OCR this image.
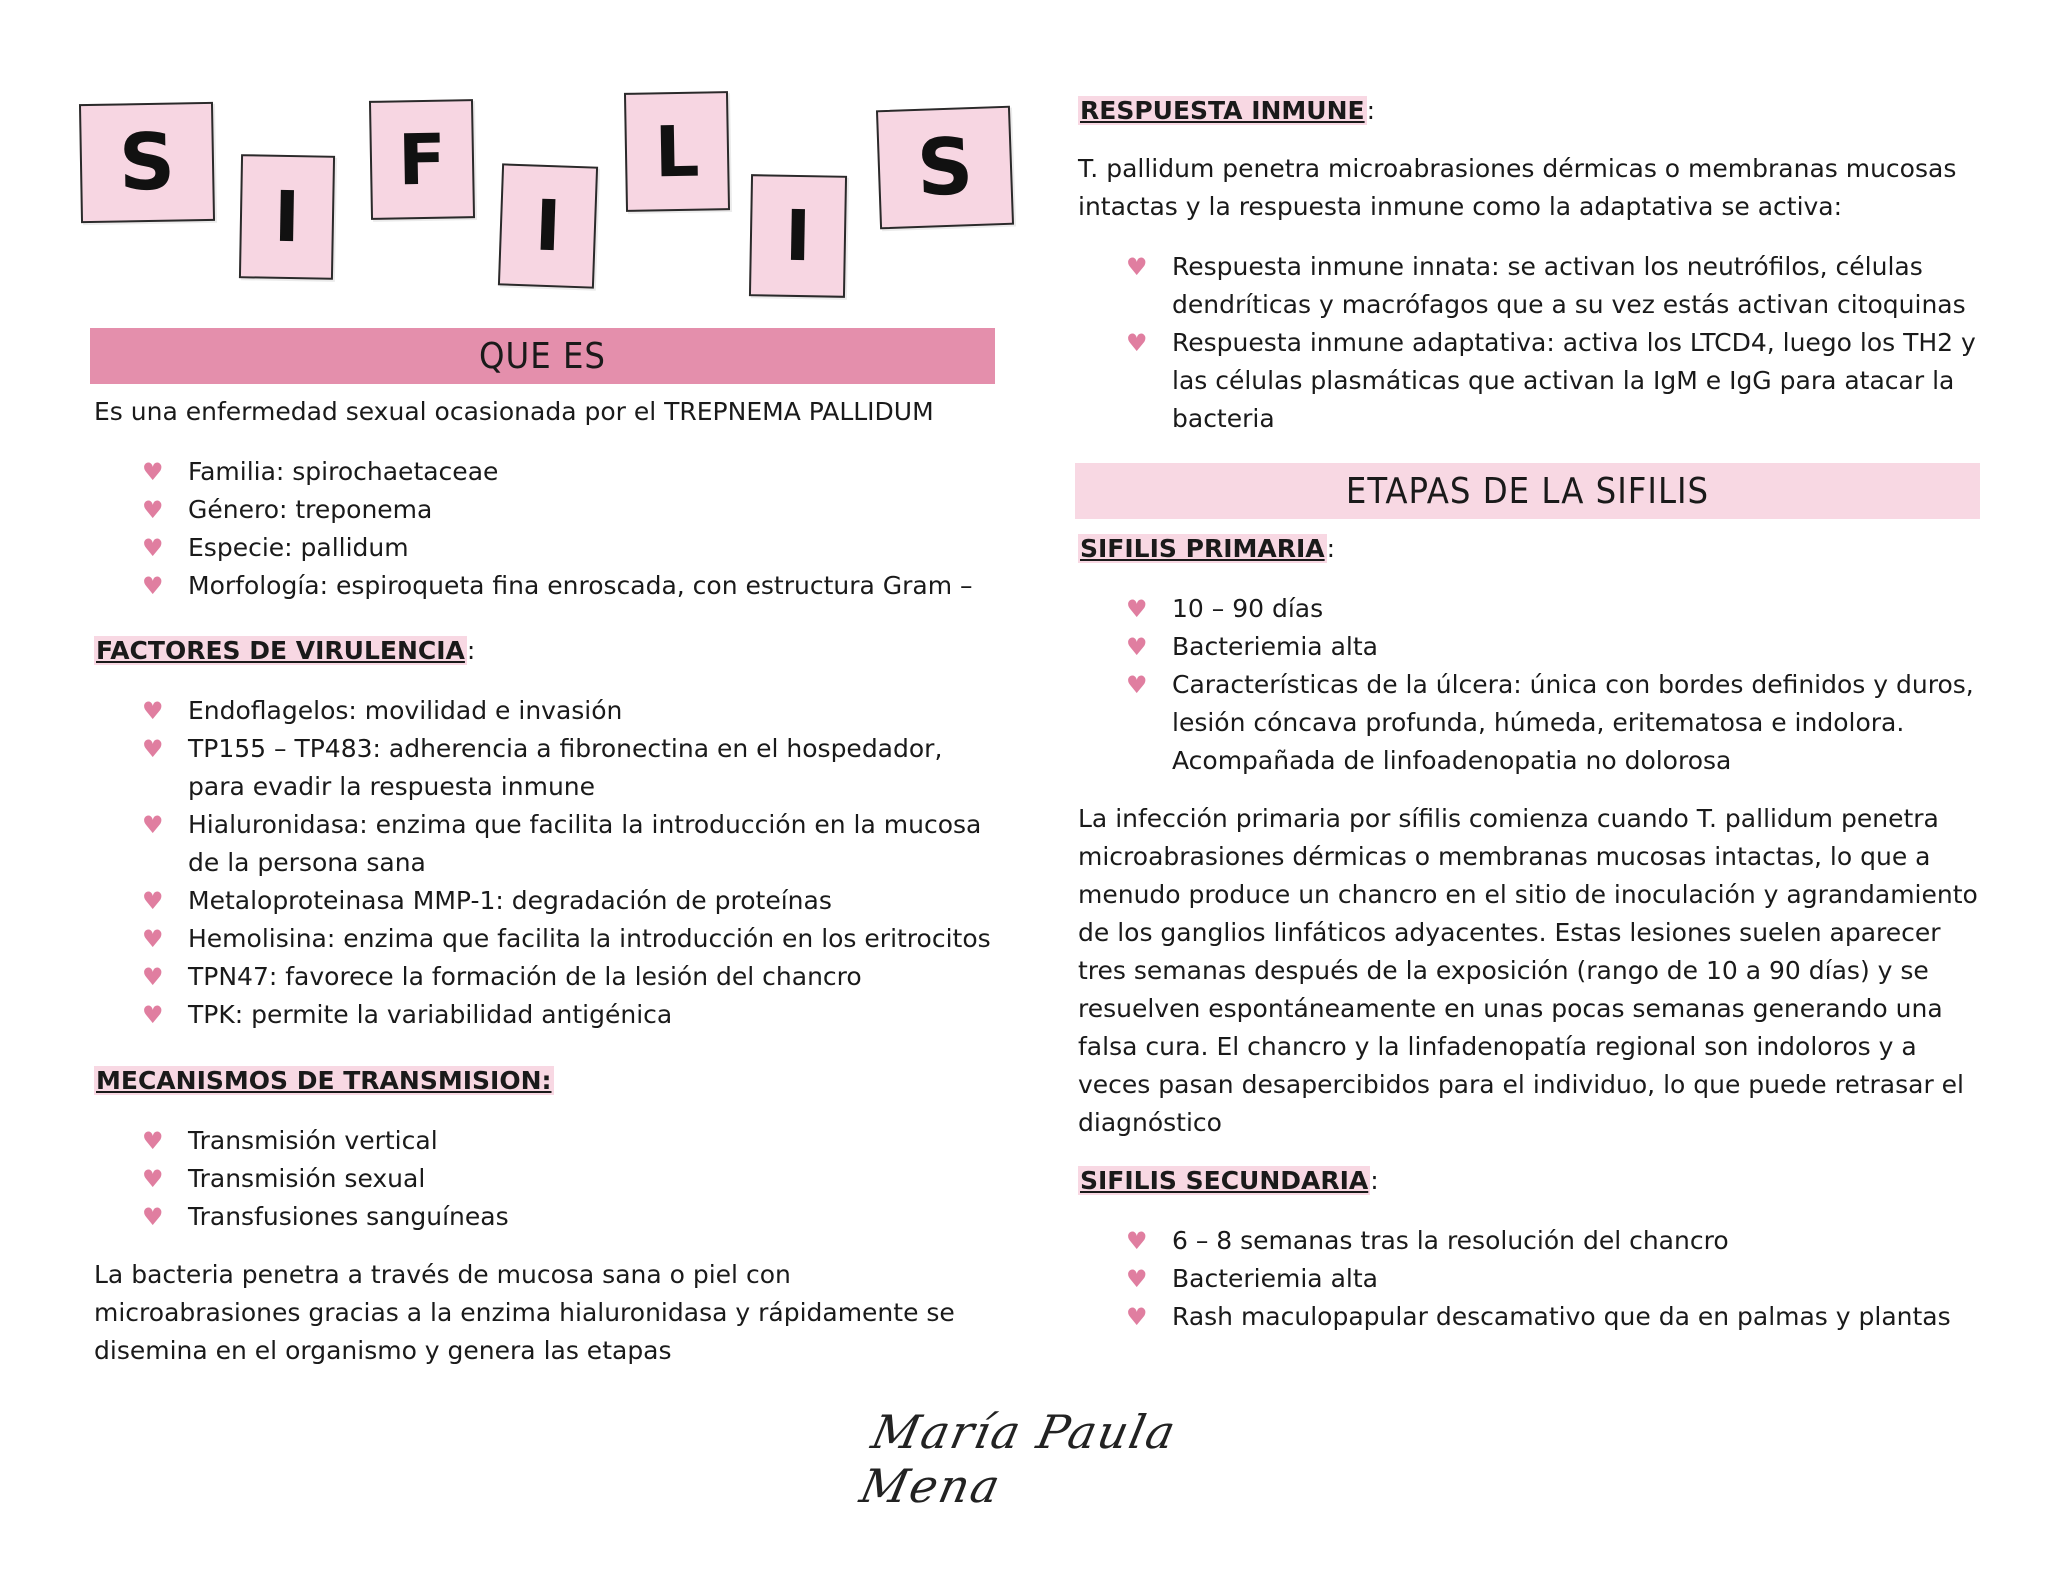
S
I
F
I
L
I
S
QUE ES

Es una enfermedad sexual ocasionada por el TREPNEMA PALLIDUM

♥ Familia: spirochaetaceae
♥ Género: treponema
♥ Especie: pallidum
♥ Morfología: espiroqueta fina enroscada, con estructura Gram –

FACTORES DE VIRULENCIA:

♥ Endoflagelos: movilidad e invasión
♥ TP155 – TP483: adherencia a fibronectina en el hospedador, para evadir la respuesta inmune
♥ Hialuronidasa: enzima que facilita la introducción en la mucosa de la persona sana
♥ Metaloproteinasa MMP-1: degradación de proteínas
♥ Hemolisina: enzima que facilita la introducción en los eritrocitos
♥ TPN47: favorece la formación de la lesión del chancro
♥ TPK: permite la variabilidad antigénica

MECANISMOS DE TRANSMISION:

♥ Transmisión vertical
♥ Transmisión sexual
♥ Transfusiones sanguíneas

La bacteria penetra a través de mucosa sana o piel con microabrasiones gracias a la enzima hialuronidasa y rápidamente se disemina en el organismo y genera las etapas

RESPUESTA INMUNE:

T. pallidum penetra microabrasiones dérmicas o membranas mucosas intactas y la respuesta inmune como la adaptativa se activa:

♥ Respuesta inmune innata: se activan los neutrófilos, células dendríticas y macrófagos que a su vez estás activan citoquinas
♥ Respuesta inmune adaptativa: activa los LTCD4, luego los TH2 y las células plasmáticas que activan la IgM e IgG para atacar la bacteria
ETAPAS DE LA SIFILIS

SIFILIS PRIMARIA:

♥ 10 – 90 días
♥ Bacteriemia alta
♥ Características de la úlcera: única con bordes definidos y duros, lesión cóncava profunda, húmeda, eritematosa e indolora. Acompañada de linfoadenopatia no dolorosa

La infección primaria por sífilis comienza cuando T. pallidum penetra microabrasiones dérmicas o membranas mucosas intactas, lo que a menudo produce un chancro en el sitio de inoculación y agrandamiento de los ganglios linfáticos adyacentes. Estas lesiones suelen aparecer tres semanas después de la exposición (rango de 10 a 90 días) y se resuelven espontáneamente en unas pocas semanas generando una falsa cura. El chancro y la linfadenopatía regional son indoloros y a veces pasan desapercibidos para el individuo, lo que puede retrasar el diagnóstico

SIFILIS SECUNDARIA:

♥ 6 – 8 semanas tras la resolución del chancro
♥ Bacteriemia alta
♥ Rash maculopapular descamativo que da en palmas y plantas
María Paula Mena
